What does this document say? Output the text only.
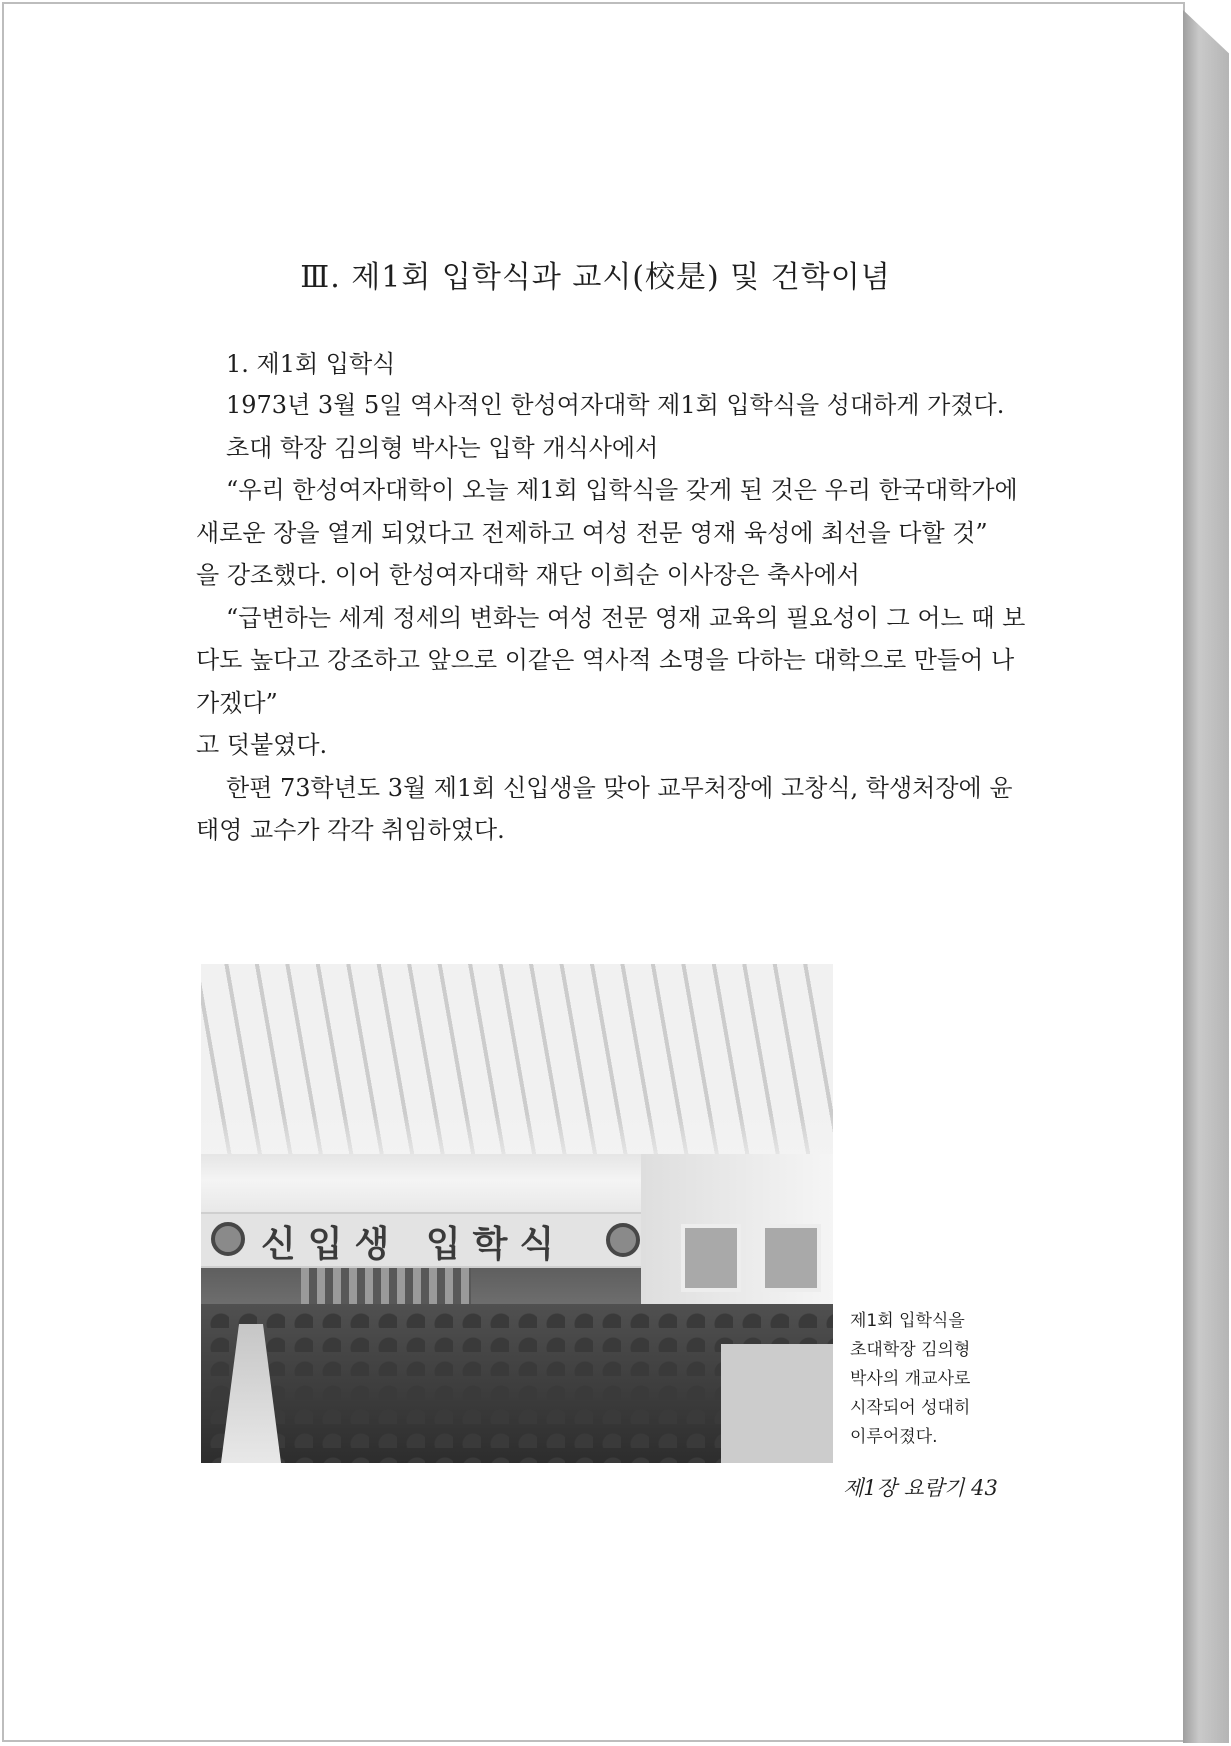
Ⅲ. 제1회 입학식과 교시(校是) 및 건학이념
1. 제1회 입학식

1973년 3월 5일 역사적인 한성여자대학 제1회 입학식을 성대하게 가졌다.

초대 학장 김의형 박사는 입학 개식사에서

“우리 한성여자대학이 오늘 제1회 입학식을 갖게 된 것은 우리 한국대학가에 새로운 장을 열게 되었다고 전제하고 여성 전문 영재 육성에 최선을 다할 것”

을 강조했다. 이어 한성여자대학 재단 이희순 이사장은 축사에서

“급변하는 세계 정세의 변화는 여성 전문 영재 교육의 필요성이 그 어느 때 보다도 높다고 강조하고 앞으로 이같은 역사적 소명을 다하는 대학으로 만들어 나가겠다”

고 덧붙였다.

한편 73학년도 3월 제1회 신입생을 맞아 교무처장에 고창식, 학생처장에 윤태영 교수가 각각 취임하였다.

신입생 입학식
제1회 입학식을
초대학장 김의형
박사의 개교사로
시작되어 성대히
이루어졌다.
제1장 요람기 43
